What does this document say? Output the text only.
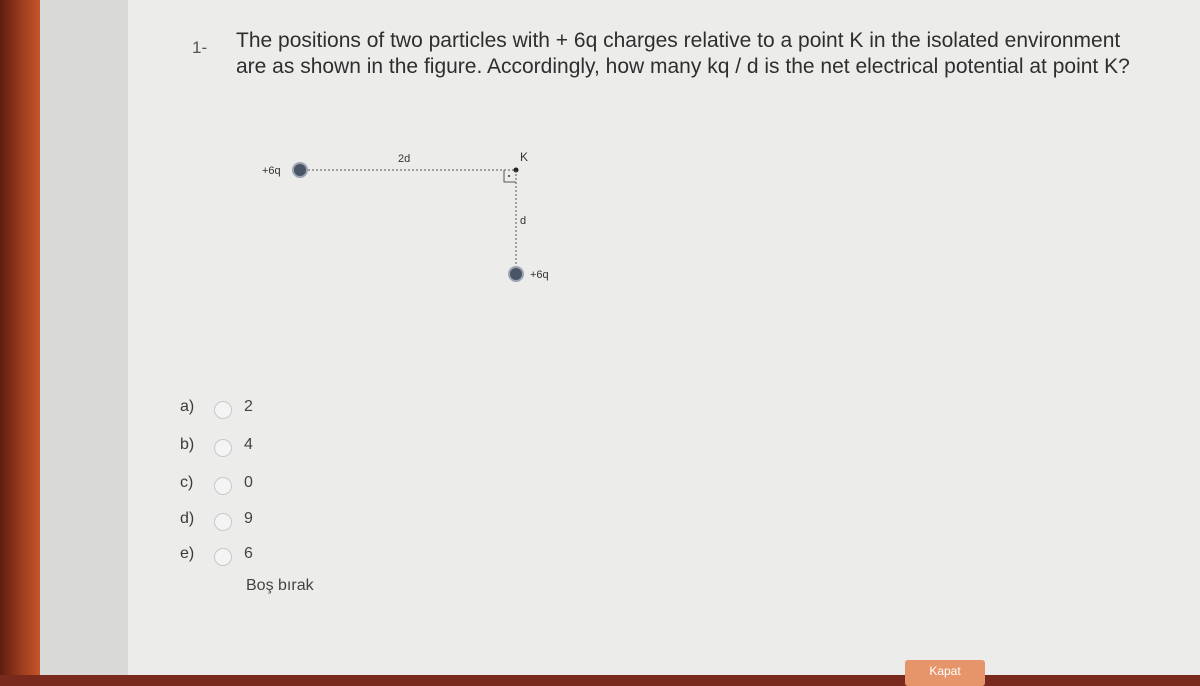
1- The positions of two particles with + 6q charges relative to a point K in the isolated environment are as shown in the figure. Accordingly, how many kq / d is the net electrical potential at point K?
+6q
2d	K
d
+6q
a)	2
b)	4
c)	0
d)	9
e)	6
Boş bırak
Kapat
